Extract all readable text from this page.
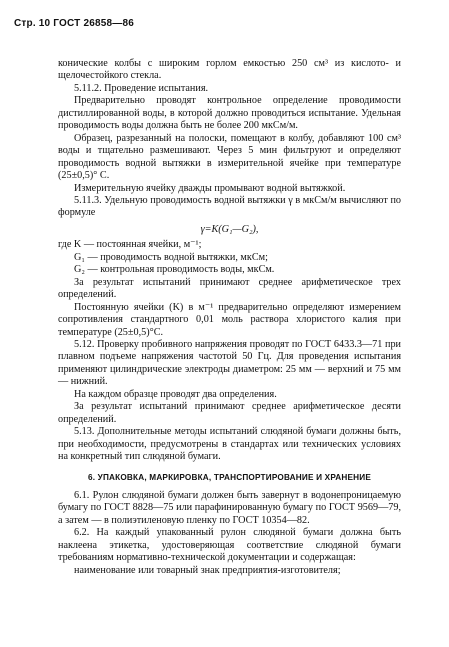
Стр. 10 ГОСТ 26858—86

конические колбы с широким горлом емкостью 250 см³ из кислото- и щелочестойкого стекла.

5.11.2. Проведение испытания.

Предварительно проводят контрольное определение проводимости дистиллированной воды, в которой должно проводиться испытание. Удельная проводимость воды должна быть не более 200 мкСм/м.

Образец, разрезанный на полоски, помещают в колбу, добавляют 100 см³ воды и тщательно размешивают. Через 5 мин фильтруют и определяют проводимость водной вытяжки в измерительной ячейке при температуре (25±0,5)° С.

Измерительную ячейку дважды промывают водной вытяжкой.

5.11.3. Удельную проводимость водной вытяжки γ в мкСм/м вычисляют по формуле

γ=K(G₁—G₂),

где K — постоянная ячейки, м⁻¹;

G₁ — проводимость водной вытяжки, мкСм;

G₂ — контрольная проводимость воды, мкСм.

За результат испытаний принимают среднее арифметическое трех определений.

Постоянную ячейки (K) в м⁻¹ предварительно определяют измерением сопротивления стандартного 0,01 моль раствора хлористого калия при температуре (25±0,5)°С.

5.12. Проверку пробивного напряжения проводят по ГОСТ 6433.3—71 при плавном подъеме напряжения частотой 50 Гц. Для проведения испытания применяют цилиндрические электроды диаметром: 25 мм — верхний и 75 мм — нижний.

На каждом образце проводят два определения.

За результат испытаний принимают среднее арифметическое десяти определений.

5.13. Дополнительные методы испытаний слюдяной бумаги должны быть, при необходимости, предусмотрены в стандартах или технических условиях на конкретный тип слюдяной бумаги.

6. УПАКОВКА, МАРКИРОВКА, ТРАНСПОРТИРОВАНИЕ И ХРАНЕНИЕ

6.1. Рулон слюдяной бумаги должен быть завернут в водонепроницаемую бумагу по ГОСТ 8828—75 или парафинированную бумагу по ГОСТ 9569—79, а затем — в полиэтиленовую пленку по ГОСТ 10354—82.

6.2. На каждый упакованный рулон слюдяной бумаги должна быть наклеена этикетка, удостоверяющая соответствие слюдяной бумаги требованиям нормативно-технической документации и содержащая:

наименование или товарный знак предприятия-изготовителя;
